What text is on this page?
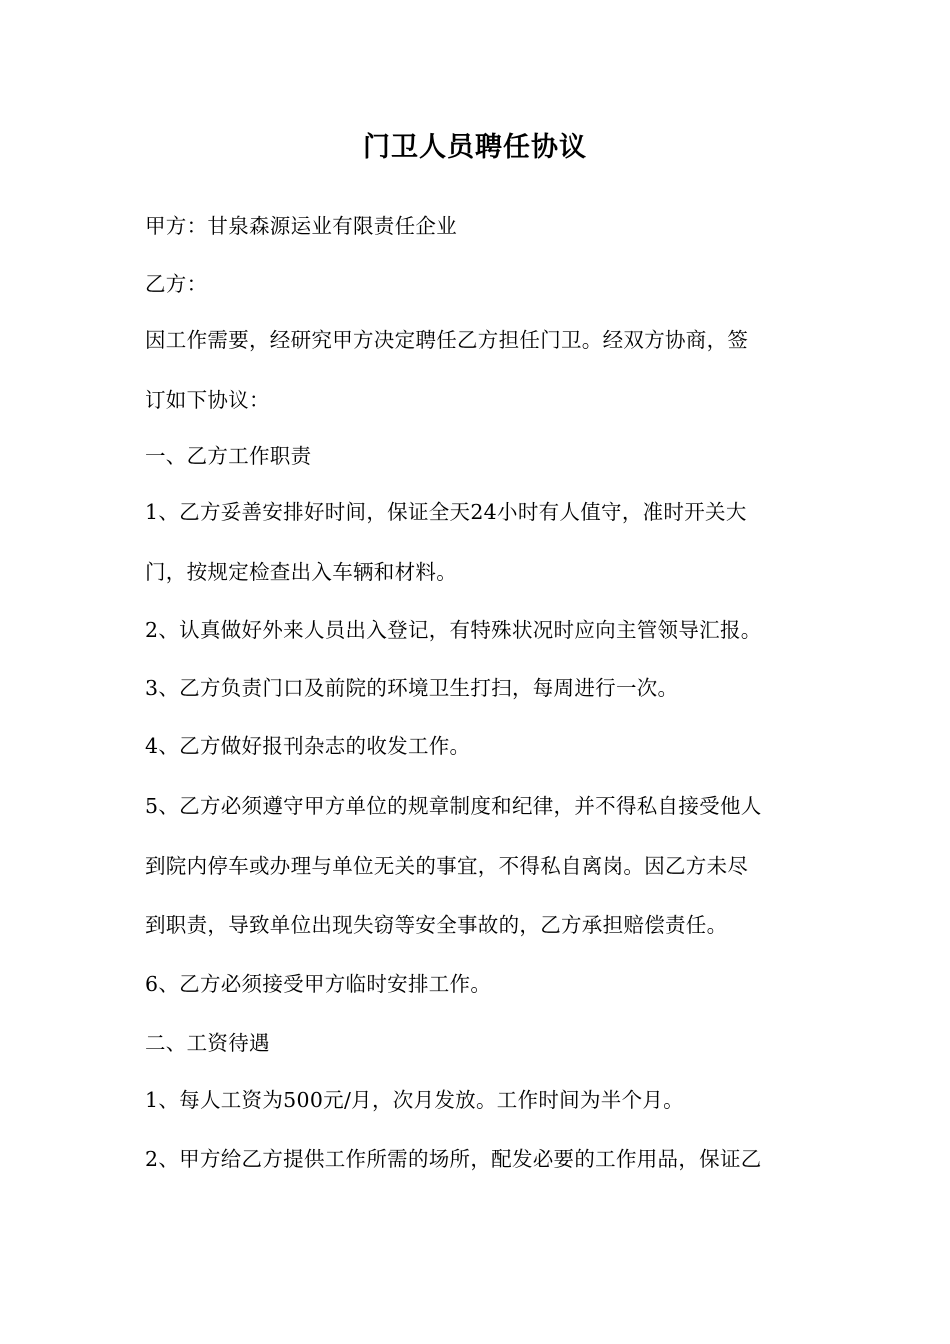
门卫人员聘任协议
甲方：甘泉森源运业有限责任企业
乙方：
因工作需要，经研究甲方决定聘任乙方担任门卫。经双方协商，签
订如下协议：
一、乙方工作职责
1、乙方妥善安排好时间，保证全天24小时有人值守，准时开关大
门，按规定检查出入车辆和材料。
2、认真做好外来人员出入登记，有特殊状况时应向主管领导汇报。
3、乙方负责门口及前院的环境卫生打扫，每周进行一次。
4、乙方做好报刊杂志的收发工作。
5、乙方必须遵守甲方单位的规章制度和纪律，并不得私自接受他人
到院内停车或办理与单位无关的事宜，不得私自离岗。因乙方未尽
到职责，导致单位出现失窃等安全事故的，乙方承担赔偿责任。
6、乙方必须接受甲方临时安排工作。
二、工资待遇
1、每人工资为500元/月，次月发放。工作时间为半个月。
2、甲方给乙方提供工作所需的场所，配发必要的工作用品，保证乙
